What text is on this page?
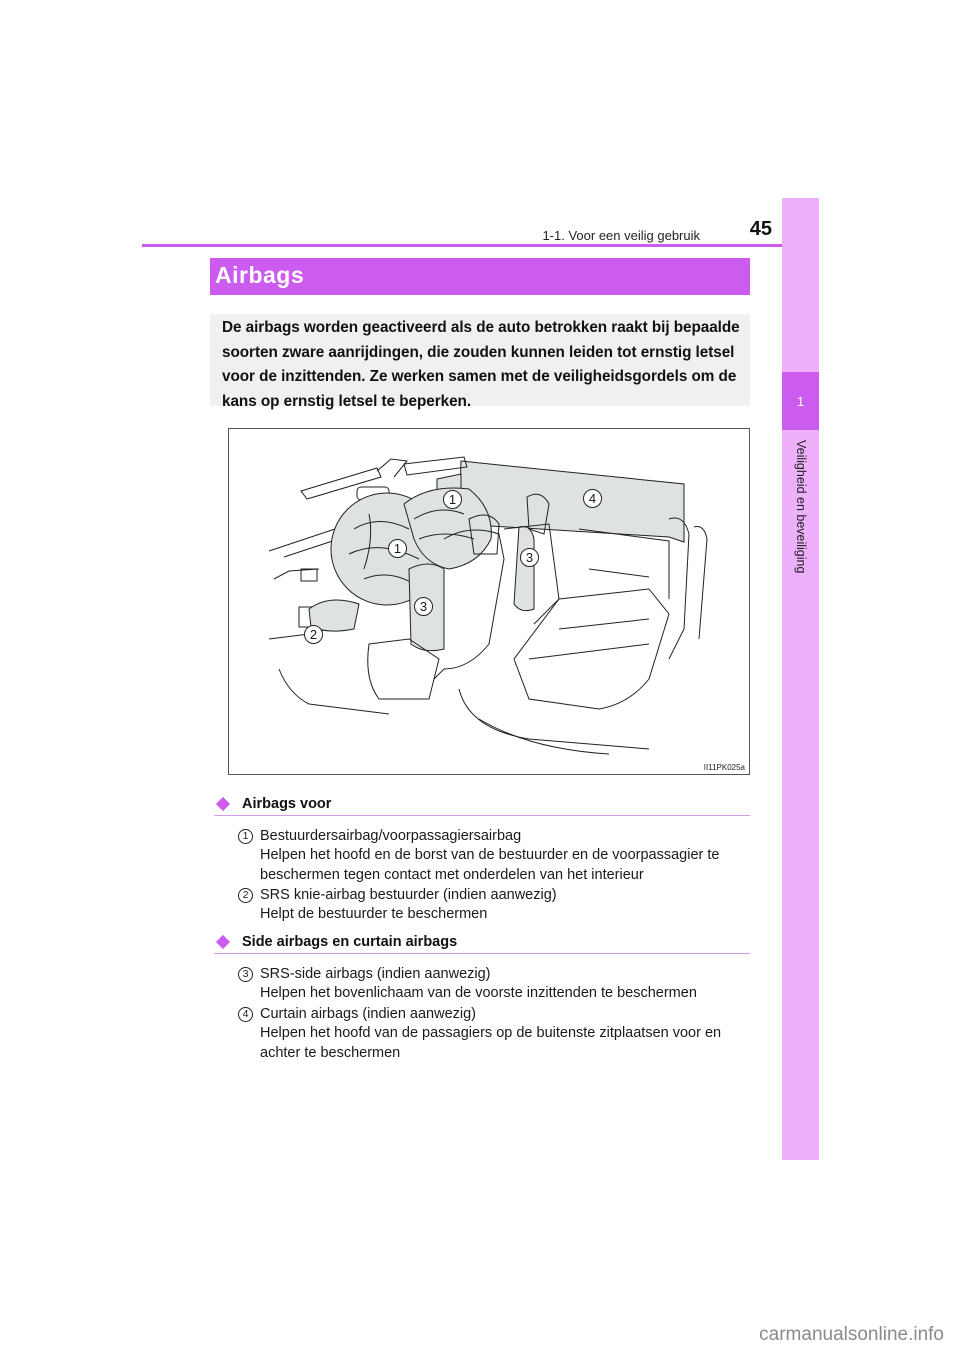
1-1. Voor een veilig gebruik	45
1
Veiligheid en beveiliging
Airbags

De airbags worden geactiveerd als de auto betrokken raakt bij bepaalde

soorten zware aanrijdingen, die zouden kunnen leiden tot ernstig letsel

voor de inzittenden. Ze werken samen met de veiligheidsgordels om de

kans op ernstig letsel te beperken.

1
1
2
3
3
4
II11PK025a
Airbags voor
1 Bestuurdersairbag/voorpassagiersairbag
Helpen het hoofd en de borst van de bestuurder en de voorpassagier te
beschermen tegen contact met onderdelen van het interieur
2 SRS knie-airbag bestuurder (indien aanwezig)
Helpt de bestuurder te beschermen
Side airbags en curtain airbags
3 SRS-side airbags (indien aanwezig)
Helpen het bovenlichaam van de voorste inzittenden te beschermen
4 Curtain airbags (indien aanwezig)
Helpen het hoofd van de passagiers op de buitenste zitplaatsen voor en
achter te beschermen
carmanualsonline.info
